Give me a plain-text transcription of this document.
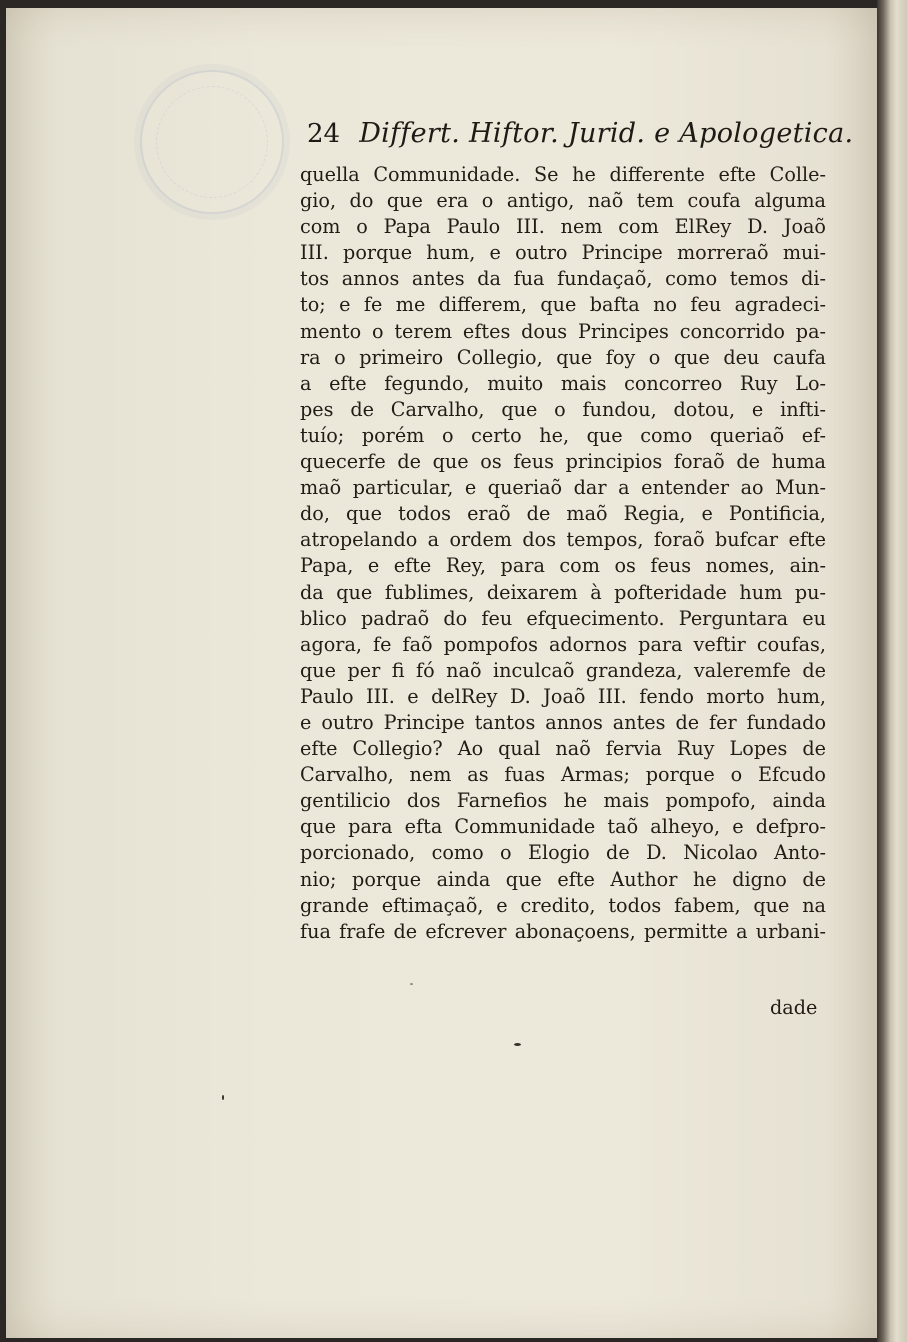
24 Differt. Hiftor. Jurid. e Apologetica.
quella Communidade. Se he differente efte Colle-
gio, do que era o antigo, naõ tem coufa alguma
com o Papa Paulo III. nem com ElRey D. Joaõ
III. porque hum, e outro Principe morreraõ mui-
tos annos antes da fua fundaçaõ, como temos di-
to; e fe me differem, que bafta no feu agradeci-
mento o terem eftes dous Principes concorrido pa-
ra o primeiro Collegio, que foy o que deu caufa
a efte fegundo, muito mais concorreo Ruy Lo-
pes de Carvalho, que o fundou, dotou, e infti-
tuío; porém o certo he, que como queriaõ ef-
quecerfe de que os feus principios foraõ de huma
maõ particular, e queriaõ dar a entender ao Mun-
do, que todos eraõ de maõ Regia, e Pontificia,
atropelando a ordem dos tempos, foraõ bufcar efte
Papa, e efte Rey, para com os feus nomes, ain-
da que fublimes, deixarem à pofteridade hum pu-
blico padraõ do feu efquecimento. Perguntara eu
agora, fe faõ pompofos adornos para veftir coufas,
que per fi fó naõ inculcaõ grandeza, valeremfe de
Paulo III. e delRey D. Joaõ III. fendo morto hum,
e outro Principe tantos annos antes de fer fundado
efte Collegio? Ao qual naõ fervia Ruy Lopes de
Carvalho, nem as fuas Armas; porque o Efcudo
gentilicio dos Farnefios he mais pompofo, ainda
que para efta Communidade taõ alheyo, e defpro-
porcionado, como o Elogio de D. Nicolao Anto-
nio; porque ainda que efte Author he digno de
grande eftimaçaõ, e credito, todos fabem, que na
fua frafe de efcrever abonaçoens, permitte a urbani-
dade
